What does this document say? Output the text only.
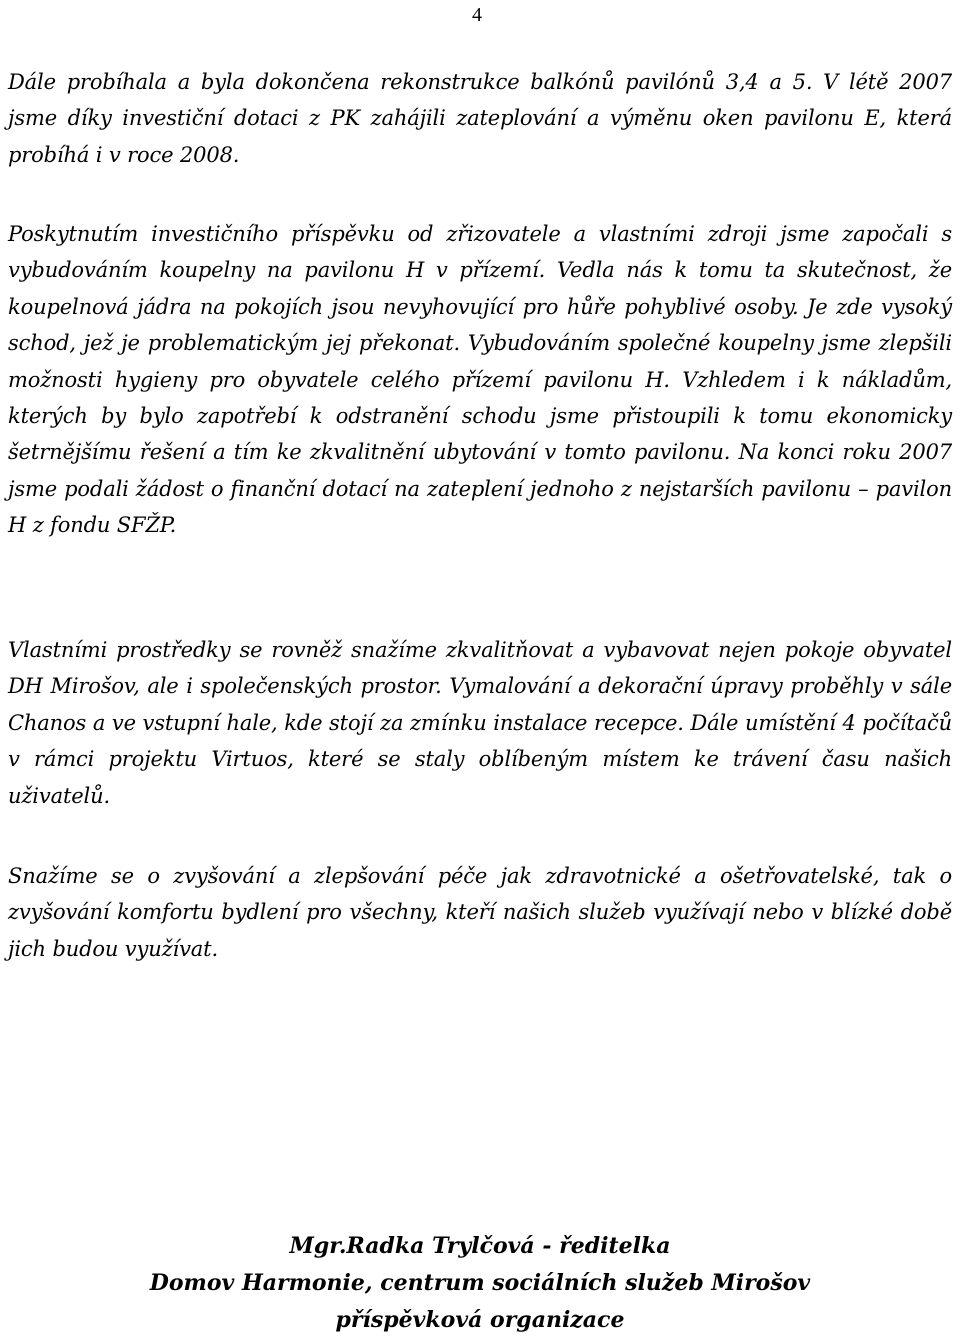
4

Dále probíhala a byla dokončena rekonstrukce balkónů pavilónů 3,4 a 5. V létě 2007 jsme díky investiční dotaci z PK zahájili zateplování a výměnu oken pavilonu E, která probíhá i v roce 2008.

Poskytnutím investičního příspěvku od zřizovatele a vlastními zdroji jsme započali s vybudováním koupelny na pavilonu H v přízemí. Vedla nás k tomu ta skutečnost, že koupelnová jádra na pokojích jsou nevyhovující pro hůře pohyblivé osoby. Je zde vysoký schod, jež je problematickým jej překonat. Vybudováním společné koupelny jsme zlepšili možnosti hygieny pro obyvatele celého přízemí pavilonu H. Vzhledem i k nákladům, kterých by bylo zapotřebí k odstranění schodu jsme přistoupili k tomu ekonomicky šetrnějšímu řešení a tím ke zkvalitnění ubytování v tomto pavilonu. Na konci roku 2007 jsme podali žádost o finanční dotací na zateplení jednoho z nejstarších pavilonu – pavilon H z fondu SFŽP.

Vlastními prostředky se rovněž snažíme zkvalitňovat a vybavovat nejen pokoje obyvatel DH Mirošov, ale i společenských prostor. Vymalování a dekorační úpravy proběhly v sále Chanos a ve vstupní hale, kde stojí za zmínku instalace recepce. Dále umístění 4 počítačů v rámci projektu Virtuos, které se staly oblíbeným místem ke trávení času našich uživatelů.

Snažíme se o zvyšování a zlepšování péče jak zdravotnické a ošetřovatelské, tak o zvyšování komfortu bydlení pro všechny, kteří našich služeb využívají nebo v blízké době jich budou využívat.

Mgr.Radka Trylčová - ředitelka
Domov Harmonie, centrum sociálních služeb Mirošov
příspěvková organizace
